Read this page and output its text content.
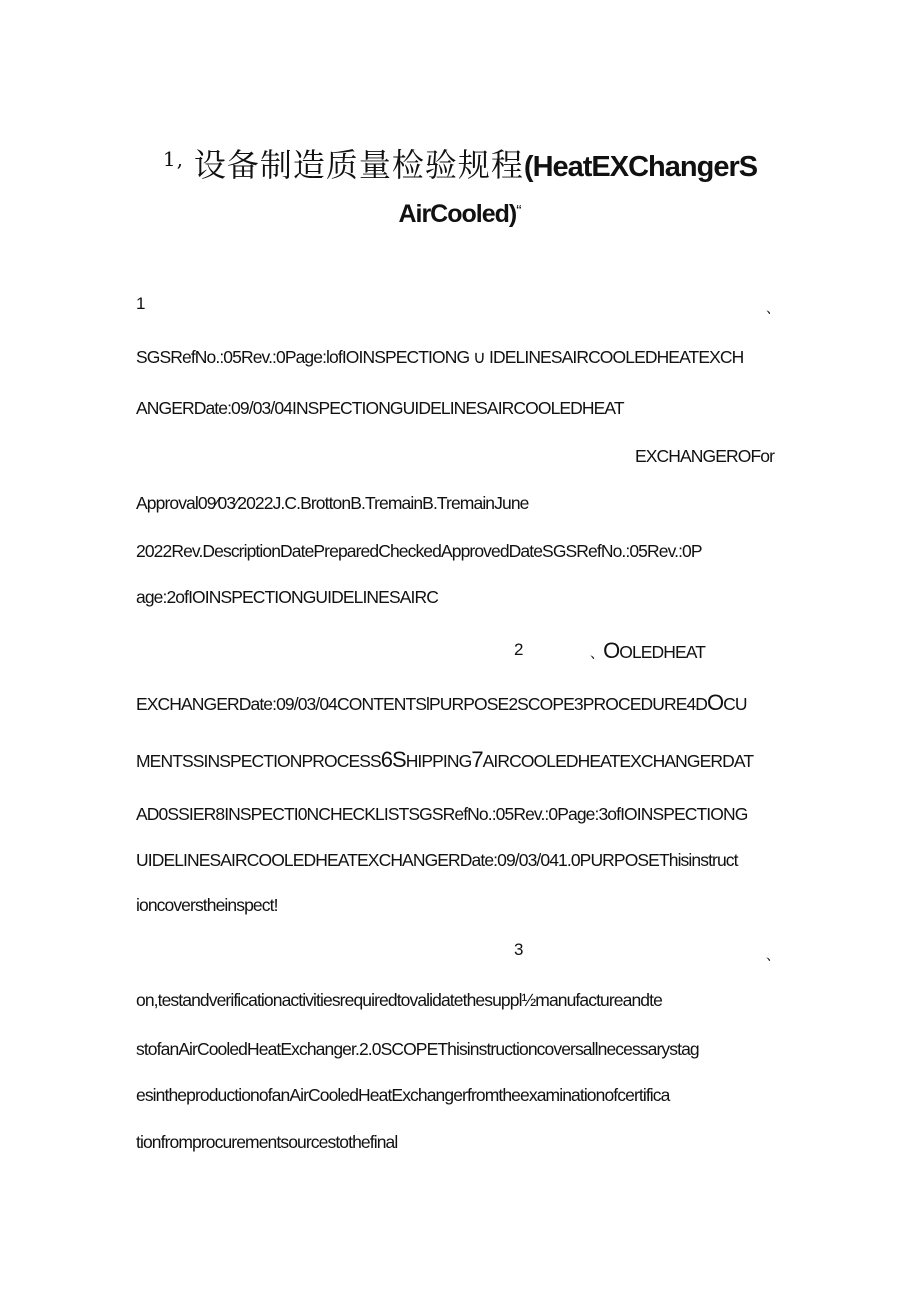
$^{1,}$ 设备制造质量检验规程(HeatEXChangerS
AirCooled)“
1	、
SGSRefNo.:05Rev.:0Page:lofIOINSPECTIONG ∪ IDELINESAIRCOOLEDHEATEXCH
ANGERDate:09/03/04INSPECTIONGUIDELINESAIRCOOLEDHEAT
EXCHANGEROFor
Approval09⁄03⁄2022J.C.BrottonB.TremainB.TremainJune
2022Rev.DescriptionDatePreparedCheckedApprovedDateSGSRefNo.:05Rev.:0P
age:2ofIOINSPECTIONGUIDELINESAIRC
2	、OOLEDHEAT
EXCHANGERDate:09/03/04CONTENTSlPURPOSE2SCOPE3PROCEDURE4DOCU
MENTSSINSPECTIONPROCESS6SHIPPING7AIRCOOLEDHEATEXCHANGERDAT
AD0SSIER8INSPECTI0NCHECKLISTSGSRefNo.:05Rev.:0Page:3ofIOINSPECTIONG
UIDELINESAIRCOOLEDHEATEXCHANGERDate:09/03/041.0PURPOSEThisinstruct
ioncoverstheinspect!
3	、
on,testandverificationactivitiesrequiredtovalidatethesuppl½manufactureandte
stofanAirCooledHeatExchanger.2.0SCOPEThisinstructioncoversallnecessarystag
esintheproductionofanAirCooledHeatExchangerfromtheexaminationofcertifica
tionfromprocurementsourcestothefinal
